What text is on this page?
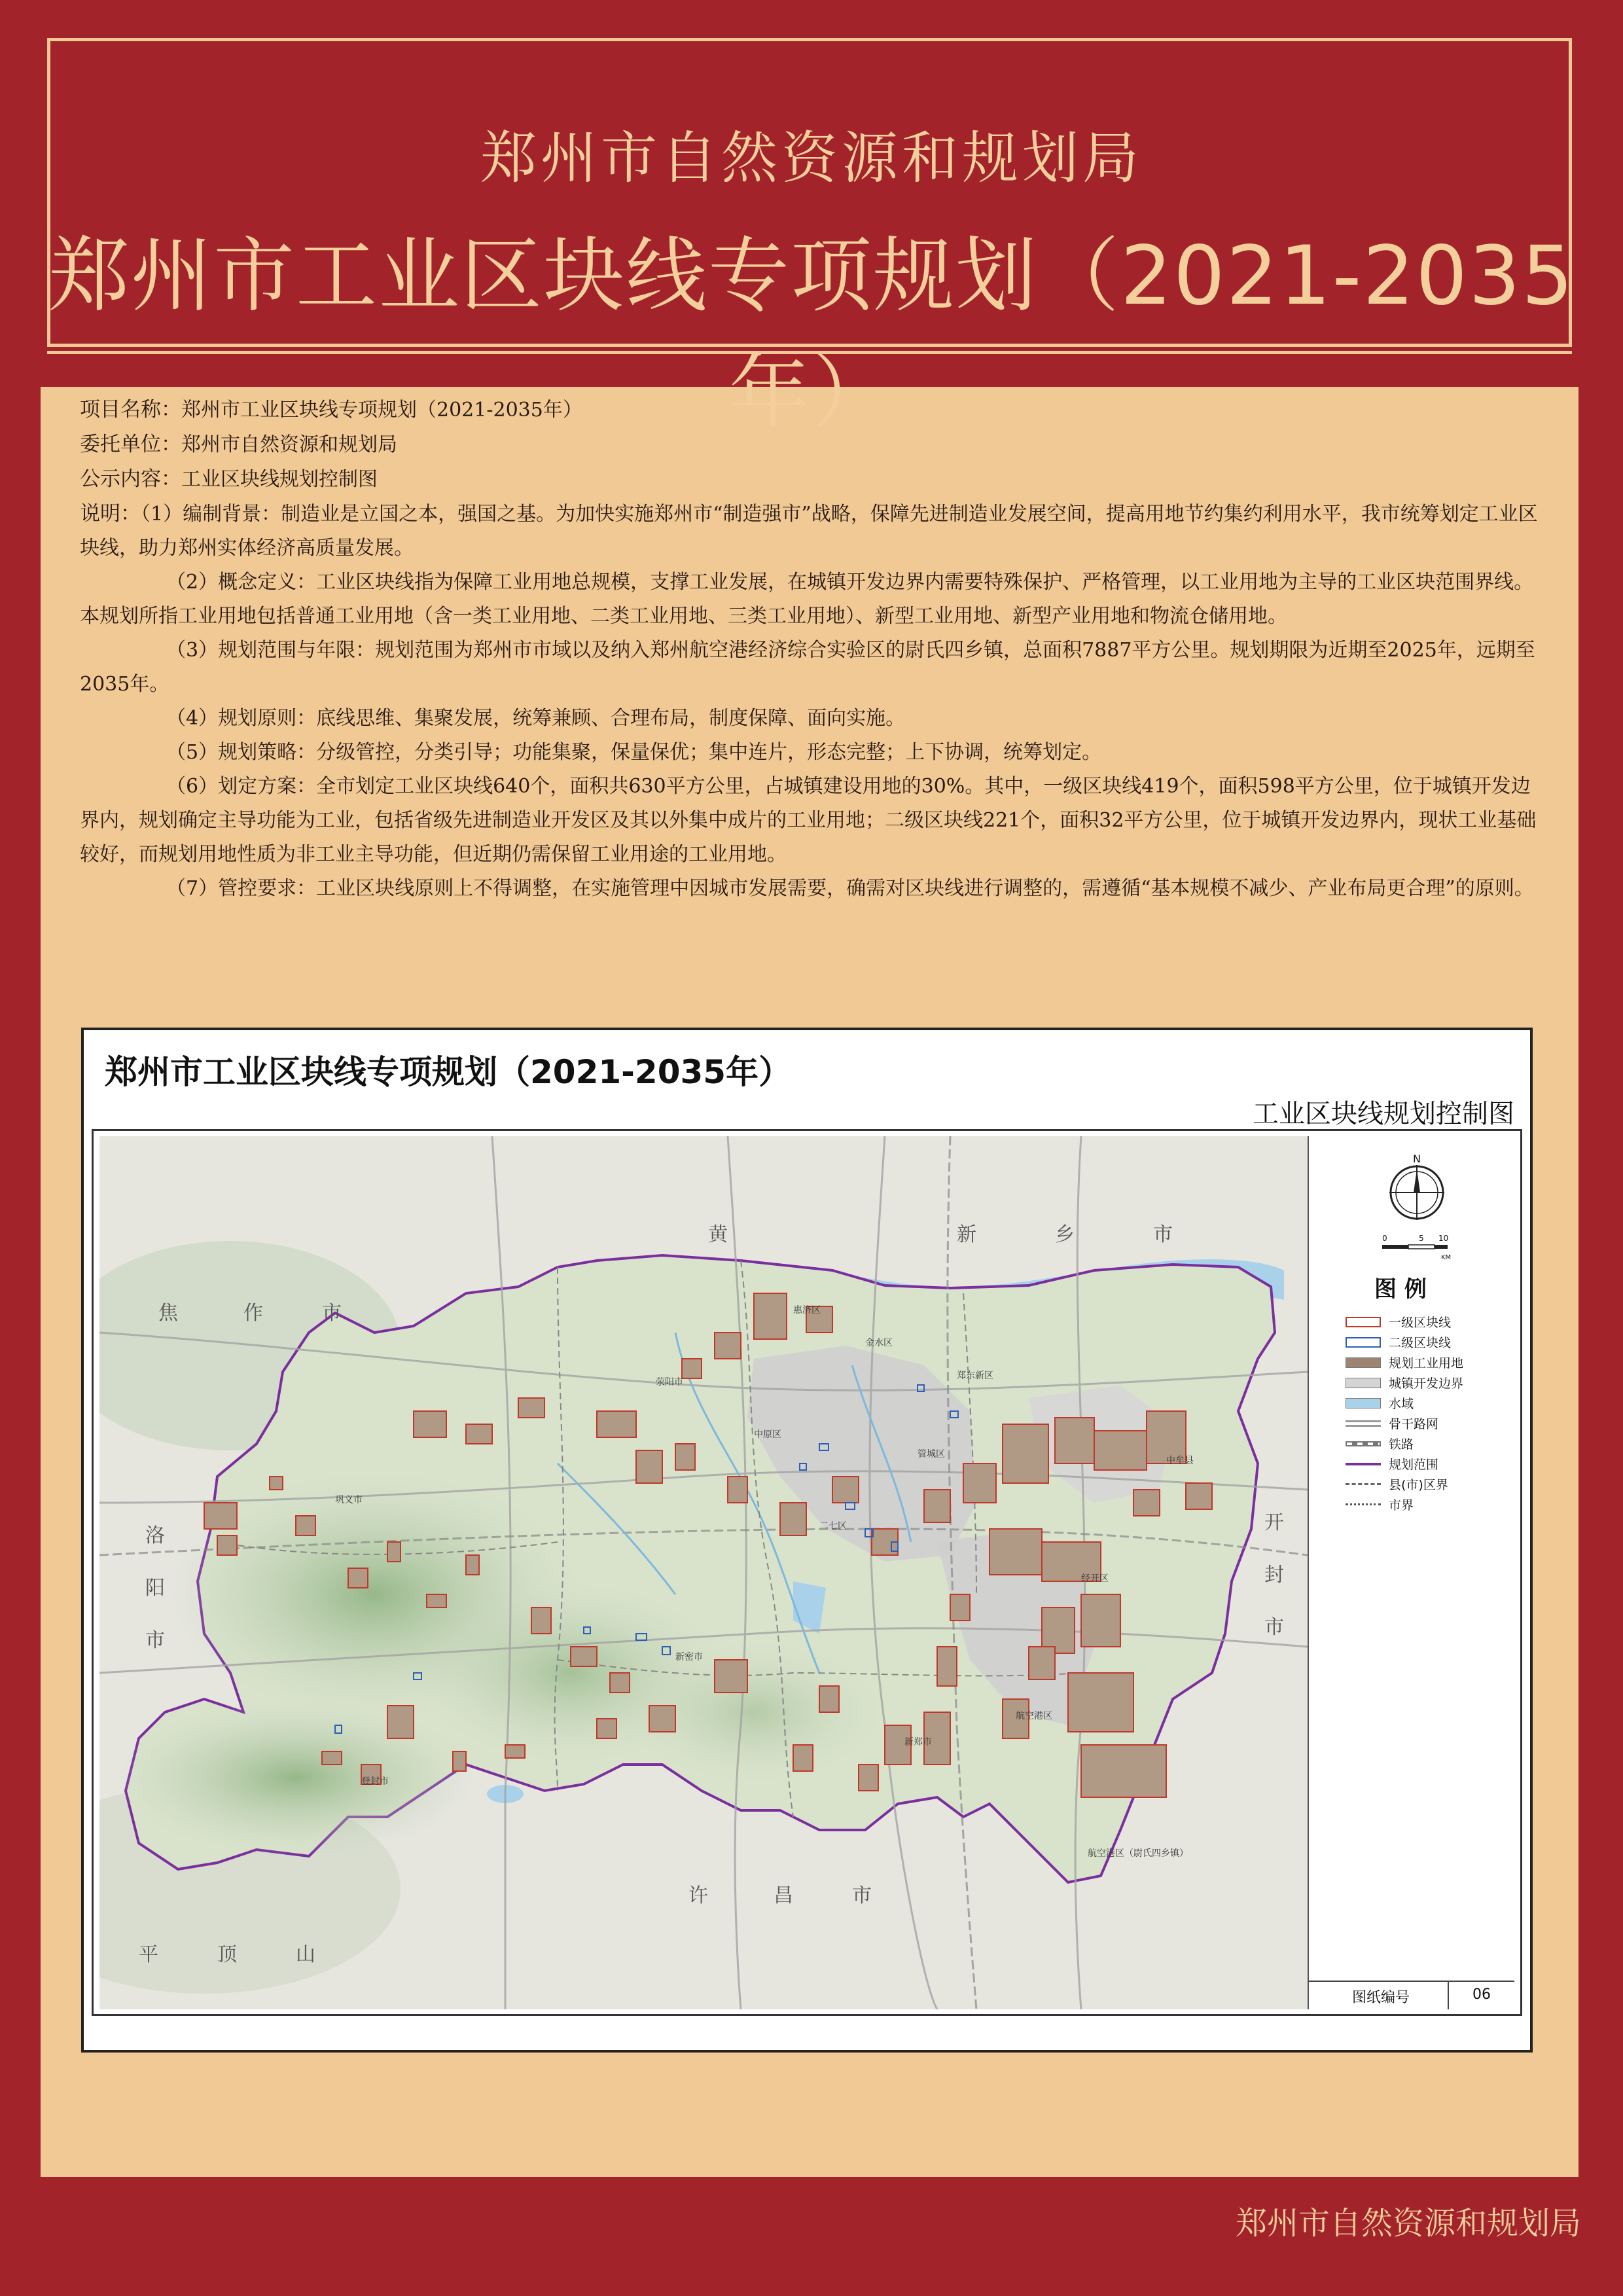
郑州市自然资源和规划局
郑州市工业区块线专项规划（2021-2035年）
项目名称：郑州市工业区块线专项规划（2021-2035年）
委托单位：郑州市自然资源和规划局
公示内容：工业区块线规划控制图
说明：（1）编制背景：制造业是立国之本，强国之基。为加快实施郑州市“制造强市”战略，保障先进制造业发展空间，提高用地节约集约利用水平，我市统筹划定工业区块线，助力郑州实体经济高质量发展。
（2）概念定义：工业区块线指为保障工业用地总规模，支撑工业发展，在城镇开发边界内需要特殊保护、严格管理，以工业用地为主导的工业区块范围界线。本规划所指工业用地包括普通工业用地（含一类工业用地、二类工业用地、三类工业用地）、新型工业用地、新型产业用地和物流仓储用地。
（3）规划范围与年限：规划范围为郑州市市域以及纳入郑州航空港经济综合实验区的尉氏四乡镇，总面积7887平方公里。规划期限为近期至2025年，远期至2035年。
（4）规划原则：底线思维、集聚发展，统筹兼顾、合理布局，制度保障、面向实施。
（5）规划策略：分级管控，分类引导；功能集聚，保量保优；集中连片，形态完整；上下协调，统筹划定。
（6）划定方案：全市划定工业区块线640个，面积共630平方公里，占城镇建设用地的30%。其中，一级区块线419个，面积598平方公里，位于城镇开发边界内，规划确定主导功能为工业，包括省级先进制造业开发区及其以外集中成片的工业用地；二级区块线221个，面积32平方公里，位于城镇开发边界内，现状工业基础较好，而规划用地性质为非工业主导功能，但近期仍需保留工业用途的工业用地。
（7）管控要求：工业区块线原则上不得调整，在实施管理中因城市发展需要，确需对区块线进行调整的，需遵循“基本规模不减少、产业布局更合理”的原则。
郑州市工业区块线专项规划（2021-2035年）
工业区块线规划控制图
黄	新	乡	市
焦	作	市
洛
阳
市
开
封
市
许	昌	市
平	顶	山
惠济区
金水区
郑东新区
中原区
二七区
管城区
中牟县
荥阳市
巩义市
新密市
登封市
新郑市
经开区
航空港区
航空港区（尉氏四乡镇）
N
0	5 10
KM
图 例
一级区块线
二级区块线
规划工业用地
城镇开发边界
水域
骨干路网
铁路
规划范围
县(市)区界
市界
图纸编号	06
郑州市自然资源和规划局
